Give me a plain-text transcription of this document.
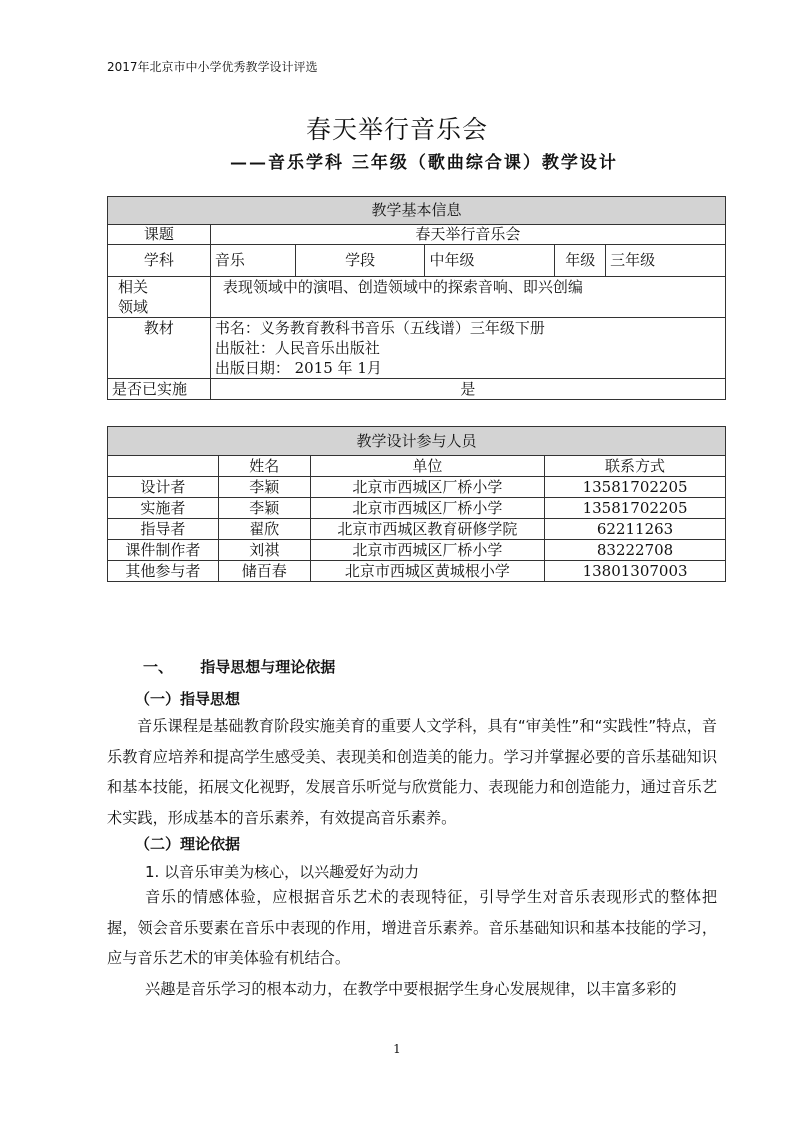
2017年北京市中小学优秀教学设计评选
春天举行音乐会
——音乐学科 三年级（歌曲综合课）教学设计
教学基本信息					
课题	春天举行音乐会				
学科	音乐	学段	中年级	年级	三年级

相关
领域	表现领域中的演唱、创造领域中的探索音响、即兴创编				
教材	书名：义务教育教科书音乐（五线谱）三年级下册
出版社：人民音乐出版社
出版日期： 2015 年 1月				

是否已实施	是				
教学设计参与人员			
	姓名	单位	联系方式
设计者	李颖	北京市西城区厂桥小学	13581702205
实施者	李颖	北京市西城区厂桥小学	13581702205
指导者	翟欣	北京市西城区教育研修学院	62211263
课件制作者	刘祺	北京市西城区厂桥小学	83222708
其他参与者	储百春	北京市西城区黄城根小学	13801307003
一、 指导思想与理论依据
（一）指导思想
音乐课程是基础教育阶段实施美育的重要人文学科，具有“审美性”和“实践性”特点，音乐教育应培养和提高学生感受美、表现美和创造美的能力。学习并掌握必要的音乐基础知识和基本技能，拓展文化视野，发展音乐听觉与欣赏能力、表现能力和创造能力，通过音乐艺术实践，形成基本的音乐素养，有效提高音乐素养。
（二）理论依据
1. 以音乐审美为核心，以兴趣爱好为动力
音乐的情感体验，应根据音乐艺术的表现特征，引导学生对音乐表现形式的整体把握，领会音乐要素在音乐中表现的作用，增进音乐素养。音乐基础知识和基本技能的学习，应与音乐艺术的审美体验有机结合。
兴趣是音乐学习的根本动力，在教学中要根据学生身心发展规律，以丰富多彩的
1
